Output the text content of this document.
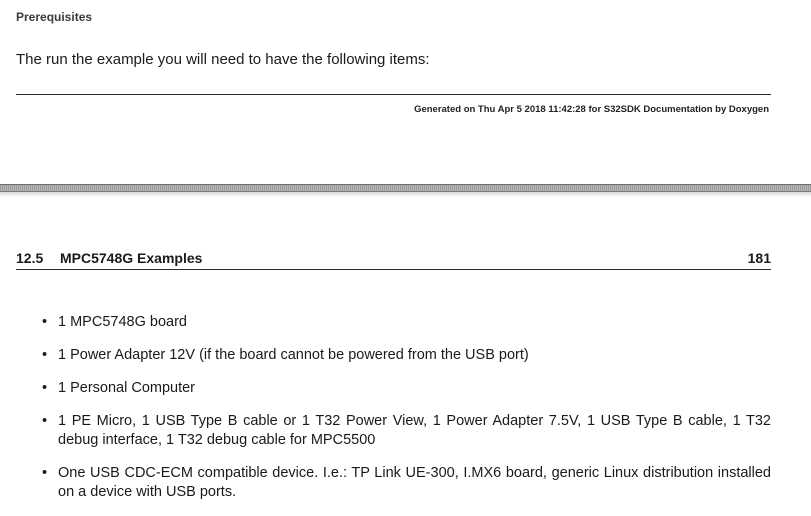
Prerequisites

The run the example you will need to have the following items:

Generated on Thu Apr 5 2018 11:42:28 for S32SDK Documentation by Doxygen
12.5 MPC5748G Examples	181
• 1 MPC5748G board
• 1 Power Adapter 12V (if the board cannot be powered from the USB port)
• 1 Personal Computer
• 1 PE Micro, 1 USB Type B cable or 1 T32 Power View, 1 Power Adapter 7.5V, 1 USB Type B cable, 1 T32 debug interface, 1 T32 debug cable for MPC5500
• One USB CDC-ECM compatible device. I.e.: TP Link UE-300, I.MX6 board, generic Linux distribution installed on a device with USB ports.
